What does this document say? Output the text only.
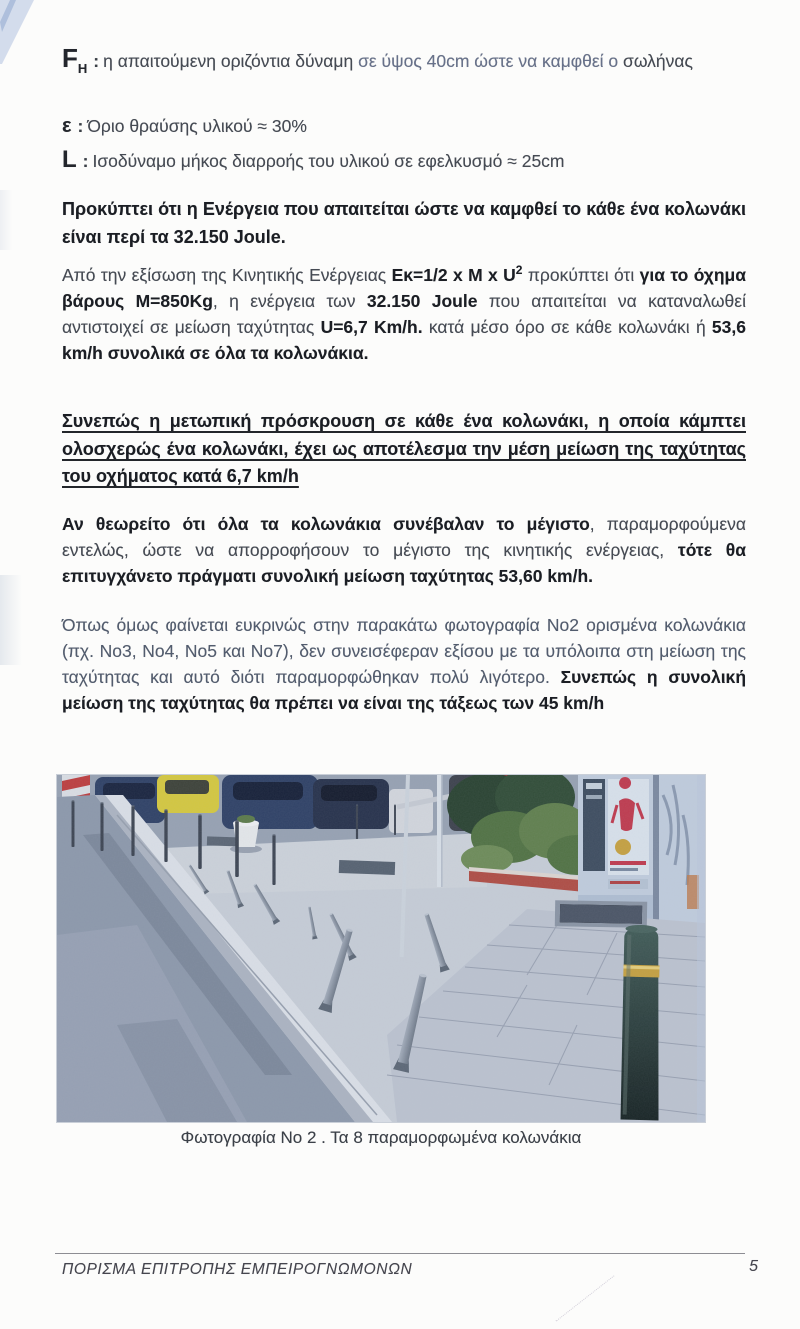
$F_H$ : η απαιτούμενη οριζόντια δύναμη σε ύψος 40cm ώστε να καμφθεί ο σωλήνας
ε : Όριο θραύσης υλικού ≈ 30%
L : Ισοδύναμο μήκος διαρροής του υλικού σε εφελκυσμό ≈ 25cm
Προκύπτει ότι η Ενέργεια που απαιτείται ώστε να καμφθεί το κάθε ένα κολωνάκι είναι περί τα 32.150 Joule.
Από την εξίσωση της Κινητικής Ενέργειας Εκ=1/2 x M x $U^2$ προκύπτει ότι για το όχημα βάρους M=850Kg, η ενέργεια των 32.150 Joule που απαιτείται να καταναλωθεί αντιστοιχεί σε μείωση ταχύτητας U=6,7 Km/h. κατά μέσο όρο σε κάθε κολωνάκι ή 53,6 km/h συνολικά σε όλα τα κολωνάκια.
Συνεπώς η μετωπική πρόσκρουση σε κάθε ένα κολωνάκι, η οποία κάμπτει ολοσχερώς ένα κολωνάκι, έχει ως αποτέλεσμα την μέση μείωση της ταχύτητας του οχήματος κατά 6,7 km/h
Αν θεωρείτο ότι όλα τα κολωνάκια συνέβαλαν το μέγιστο, παραμορφούμενα εντελώς, ώστε να απορροφήσουν το μέγιστο της κινητικής ενέργειας, τότε θα επιτυγχάνετο πράγματι συνολική μείωση ταχύτητας 53,60 km/h.
Όπως όμως φαίνεται ευκρινώς στην παρακάτω φωτογραφία Νο2 ορισμένα κολωνάκια (πχ. Νο3, Νο4, Νο5 και Νο7), δεν συνεισέφεραν εξίσου με τα υπόλοιπα στη μείωση της ταχύτητας και αυτό διότι παραμορφώθηκαν πολύ λιγότερο. Συνεπώς η συνολική μείωση της ταχύτητας θα πρέπει να είναι της τάξεως των 45 km/h
Φωτογραφία Νο 2 . Τα 8 παραμορφωμένα κολωνάκια
ΠΟΡΙΣΜΑ ΕΠΙΤΡΟΠΗΣ ΕΜΠΕΙΡΟΓΝΩΜΟΝΩΝ	5
